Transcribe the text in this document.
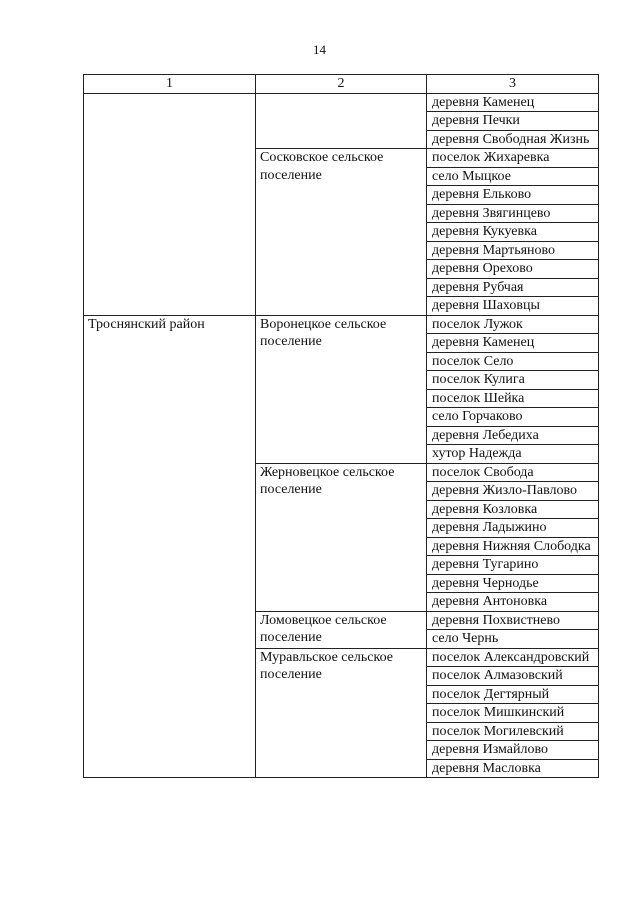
14
1	2	3
		деревня Каменец
		деревня Печки
		деревня Свободная Жизнь
	Сосковское сельское поселение	поселок Жихаревка
		село Мыцкое
		деревня Ельково
		деревня Звягинцево
		деревня Кукуевка
		деревня Мартьяново
		деревня Орехово
		деревня Рубчая
		деревня Шаховцы
Троснянский район	Воронецкое сельское поселение	поселок Лужок
		деревня Каменец
		поселок Село
		поселок Кулига
		поселок Шейка
		село Горчаково
		деревня Лебедиха
		хутор Надежда
	Жерновецкое сельское поселение	поселок Свобода
		деревня Жизло-Павлово
		деревня Козловка
		деревня Ладыжино
		деревня Нижняя Слободка
		деревня Тугарино
		деревня Чернодье
		деревня Антоновка
	Ломовецкое сельское поселение	деревня Похвистнево
		село Чернь
	Муравльское сельское поселение	поселок Александровский
		поселок Алмазовский
		поселок Дегтярный
		поселок Мишкинский
		поселок Могилевский
		деревня Измайлово
		деревня Масловка
